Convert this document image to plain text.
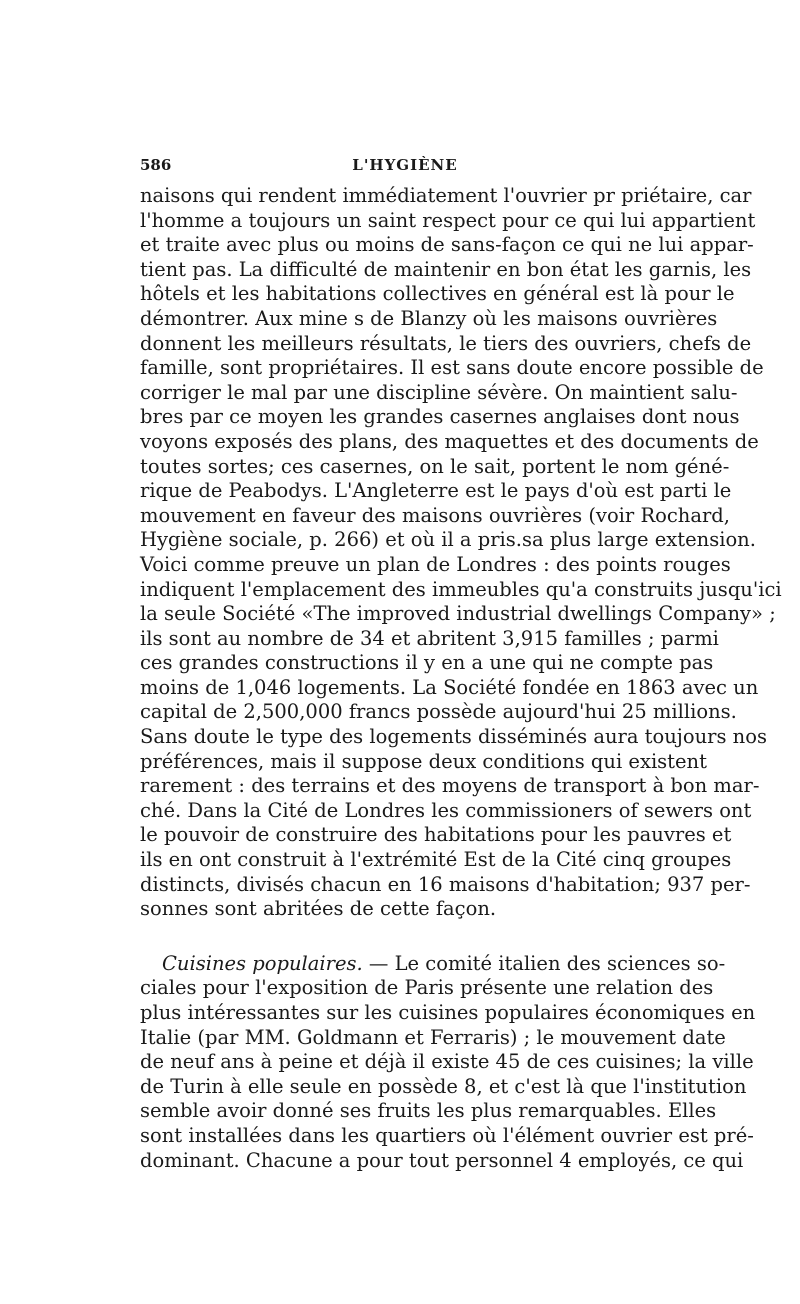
586	L'HYGIÈNE
naisons qui rendent immédiatement l'ouvrier pr priétaire, car
l'homme a toujours un saint respect pour ce qui lui appartient
et traite avec plus ou moins de sans-façon ce qui ne lui appar-
tient pas. La difficulté de maintenir en bon état les garnis, les
hôtels et les habitations collectives en général est là pour le
démontrer. Aux mine s de Blanzy où les maisons ouvrières
donnent les meilleurs résultats, le tiers des ouvriers, chefs de
famille, sont propriétaires. Il est sans doute encore possible de
corriger le mal par une discipline sévère. On maintient salu-
bres par ce moyen les grandes casernes anglaises dont nous
voyons exposés des plans, des maquettes et des documents de
toutes sortes; ces casernes, on le sait, portent le nom géné-
rique de Peabodys. L'Angleterre est le pays d'où est parti le
mouvement en faveur des maisons ouvrières (voir Rochard,
Hygiène sociale, p. 266) et où il a pris.sa plus large extension.
Voici comme preuve un plan de Londres : des points rouges
indiquent l'emplacement des immeubles qu'a construits jusqu'ici
la seule Société «The improved industrial dwellings Company» ;
ils sont au nombre de 34 et abritent 3,915 familles ; parmi
ces grandes constructions il y en a une qui ne compte pas
moins de 1,046 logements. La Société fondée en 1863 avec un
capital de 2,500,000 francs possède aujourd'hui 25 millions.
Sans doute le type des logements disséminés aura toujours nos
préférences, mais il suppose deux conditions qui existent
rarement : des terrains et des moyens de transport à bon mar-
ché. Dans la Cité de Londres les commissioners of sewers ont
le pouvoir de construire des habitations pour les pauvres et
ils en ont construit à l'extrémité Est de la Cité cinq groupes
distincts, divisés chacun en 16 maisons d'habitation; 937 per-
sonnes sont abritées de cette façon.
Cuisines populaires. — Le comité italien des sciences so-
ciales pour l'exposition de Paris présente une relation des
plus intéressantes sur les cuisines populaires économiques en
Italie (par MM. Goldmann et Ferraris) ; le mouvement date
de neuf ans à peine et déjà il existe 45 de ces cuisines; la ville
de Turin à elle seule en possède 8, et c'est là que l'institution
semble avoir donné ses fruits les plus remarquables. Elles
sont installées dans les quartiers où l'élément ouvrier est pré-
dominant. Chacune a pour tout personnel 4 employés, ce qui
